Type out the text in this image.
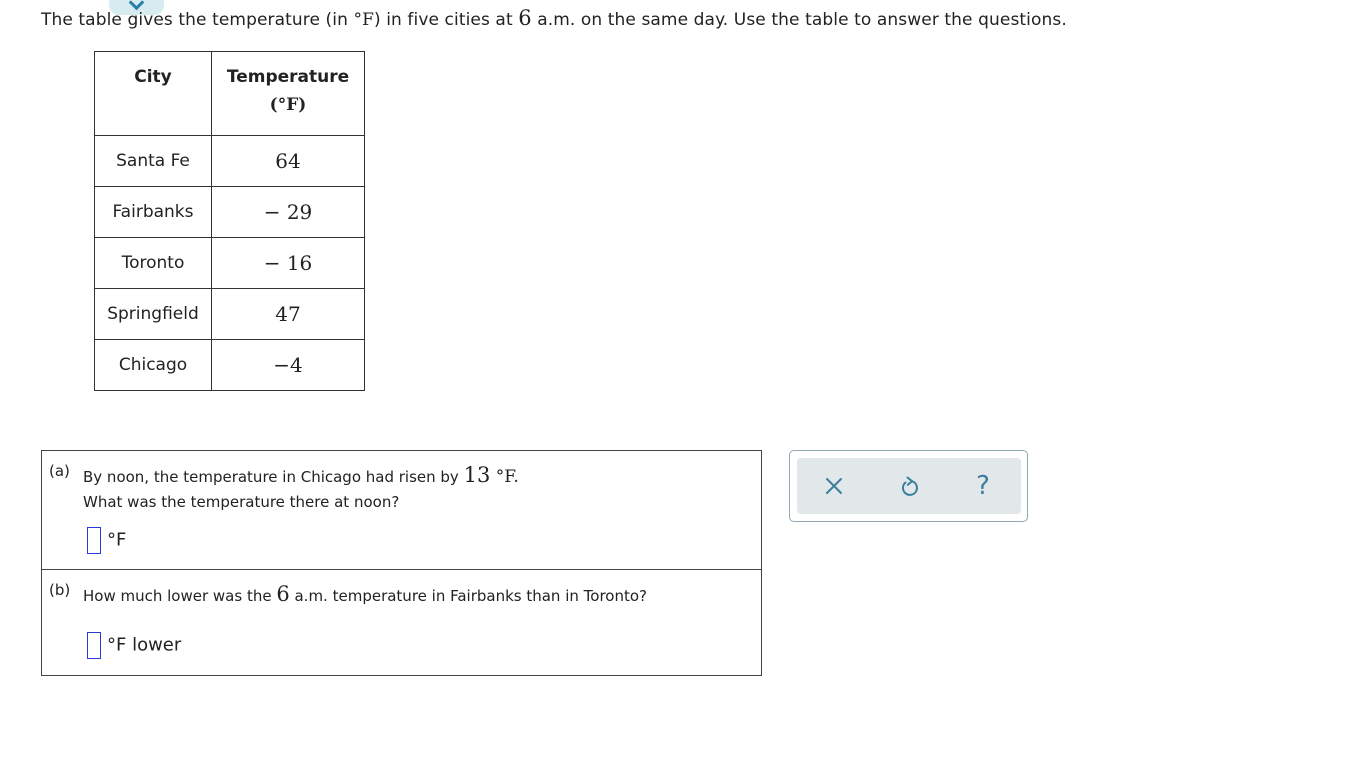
The table gives the temperature (in °F) in five cities at 6 a.m. on the same day. Use the table to answer the questions.
City	Temperature
(°F)
Santa Fe	64
Fairbanks	− 29
Toronto	− 16
Springfield	47
Chicago	−4
(a) By noon, the temperature in Chicago had risen by 13 °F.
What was the temperature there at noon?
°F
(b) How much lower was the 6 a.m. temperature in Fairbanks than in Toronto?
°F lower
?
